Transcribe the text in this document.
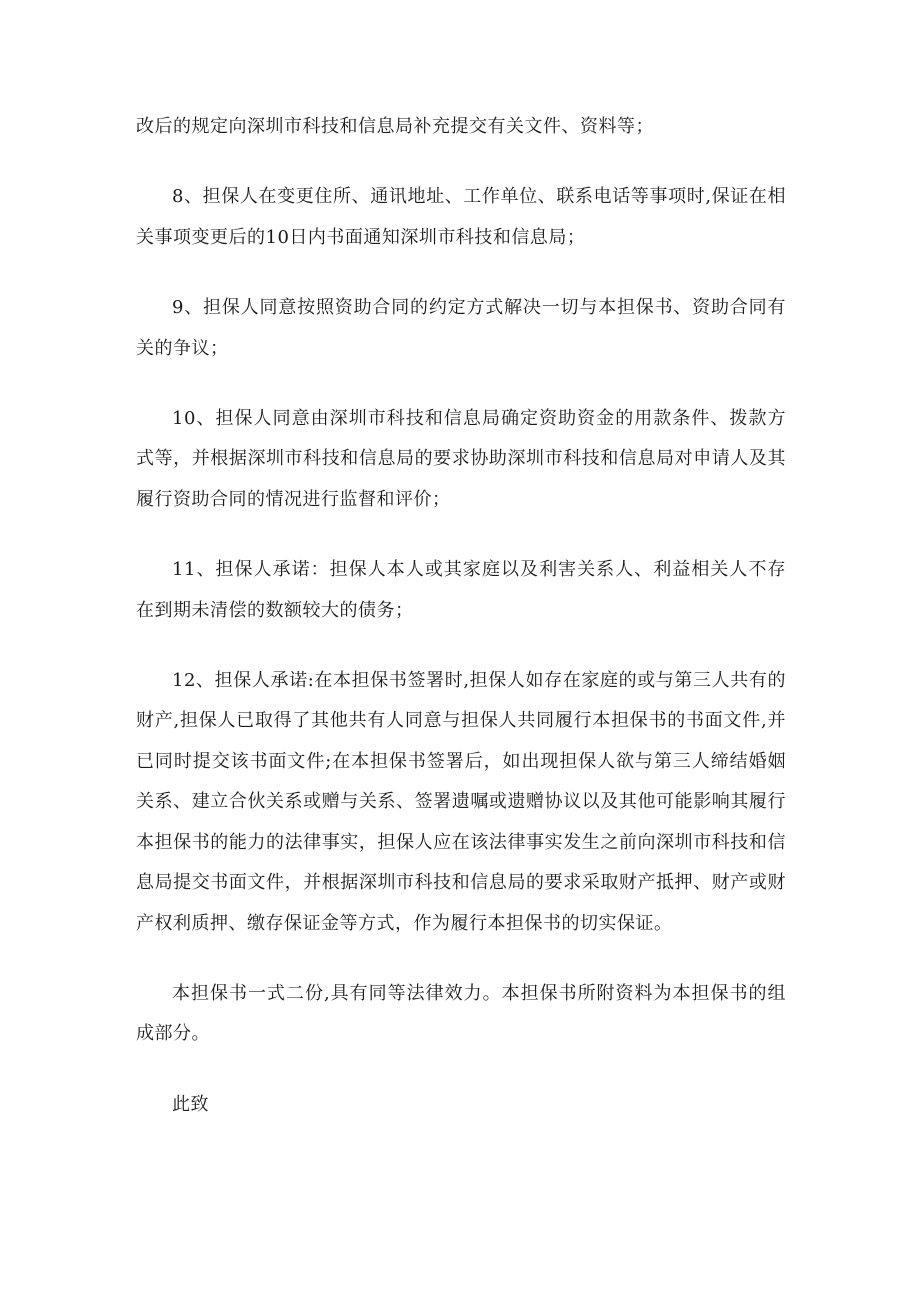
改后的规定向深圳市科技和信息局补充提交有关文件、资料等；

8、担保人在变更住所、通讯地址、工作单位、联系电话等事项时,保证在相关事项变更后的10日内书面通知深圳市科技和信息局；

9、担保人同意按照资助合同的约定方式解决一切与本担保书、资助合同有关的争议；

10、担保人同意由深圳市科技和信息局确定资助资金的用款条件、拨款方式等，并根据深圳市科技和信息局的要求协助深圳市科技和信息局对申请人及其履行资助合同的情况进行监督和评价；

11、担保人承诺：担保人本人或其家庭以及利害关系人、利益相关人不存在到期未清偿的数额较大的债务；

12、担保人承诺:在本担保书签署时,担保人如存在家庭的或与第三人共有的财产,担保人已取得了其他共有人同意与担保人共同履行本担保书的书面文件,并已同时提交该书面文件;在本担保书签署后，如出现担保人欲与第三人缔结婚姻关系、建立合伙关系或赠与关系、签署遗嘱或遗赠协议以及其他可能影响其履行本担保书的能力的法律事实，担保人应在该法律事实发生之前向深圳市科技和信息局提交书面文件，并根据深圳市科技和信息局的要求采取财产抵押、财产或财产权利质押、缴存保证金等方式，作为履行本担保书的切实保证。

本担保书一式二份,具有同等法律效力。本担保书所附资料为本担保书的组成部分。

此致
